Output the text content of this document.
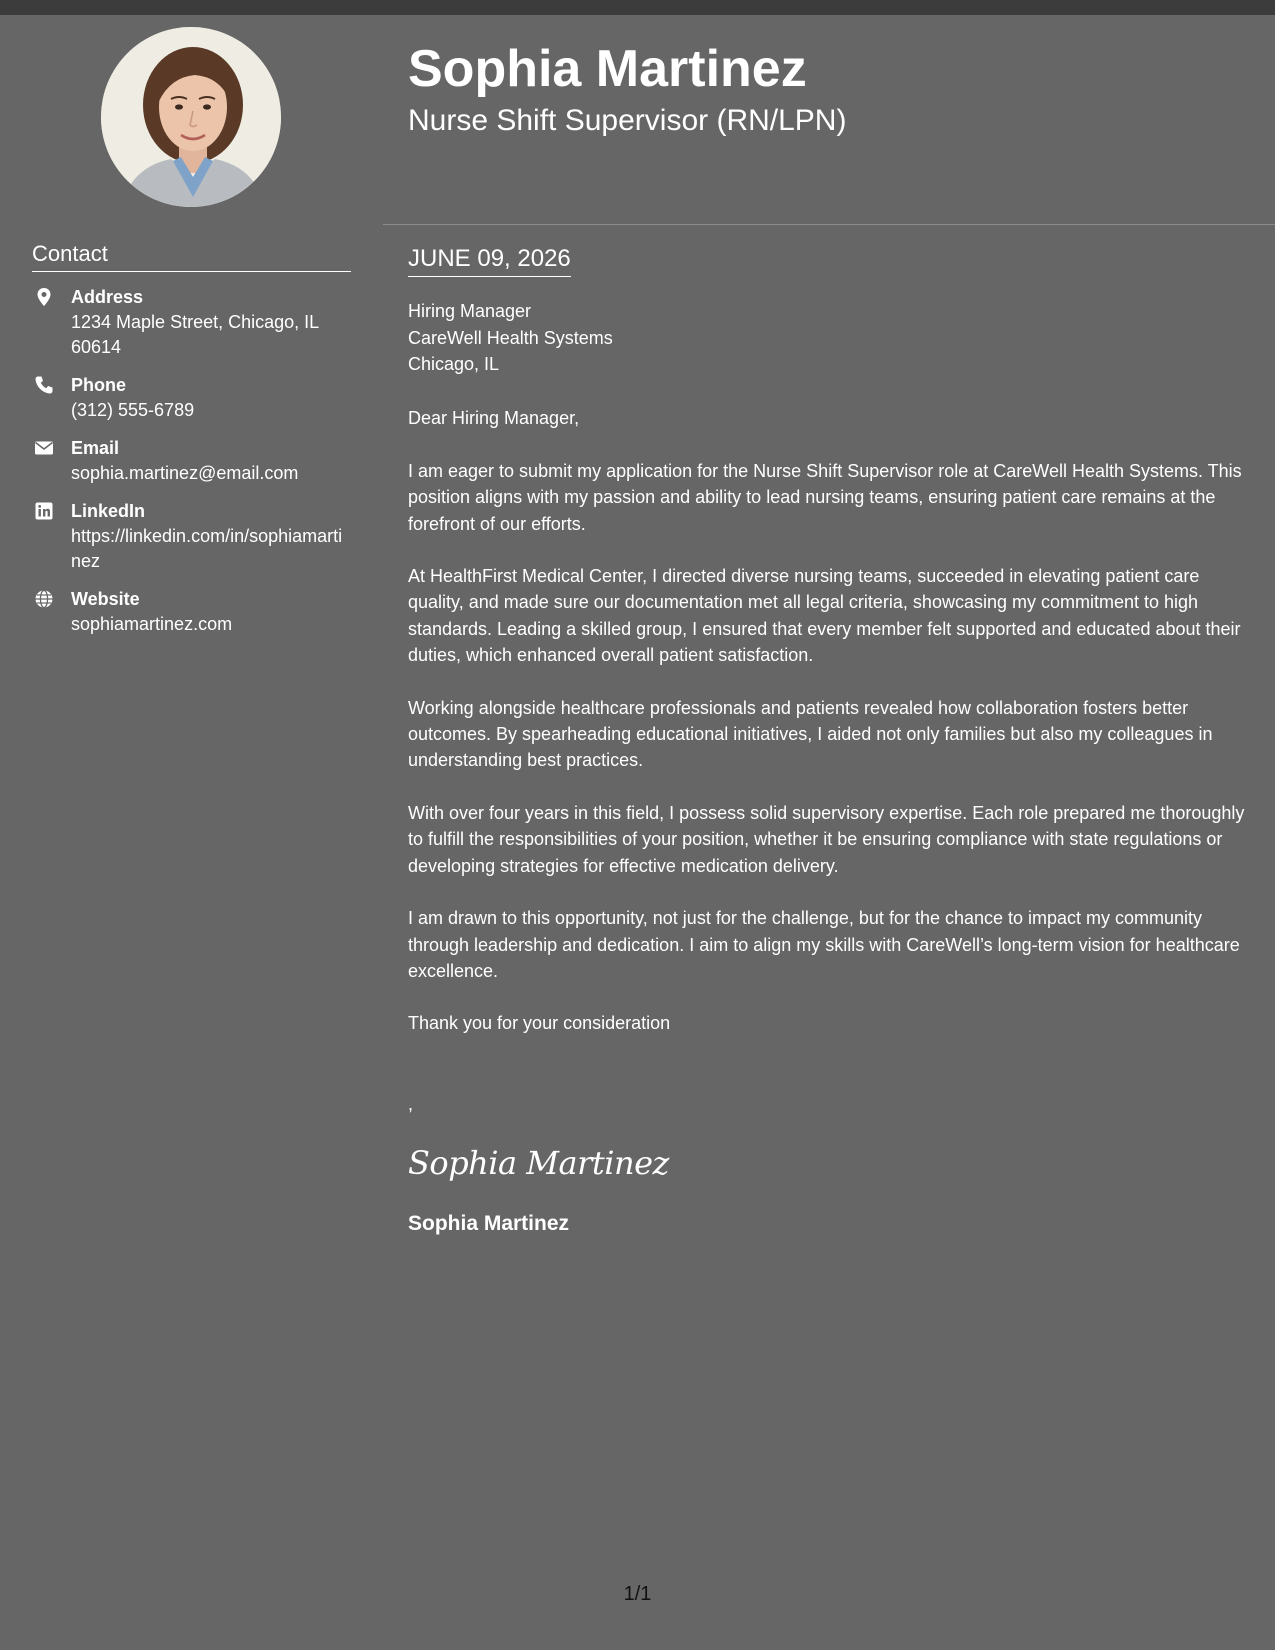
Contact
Address
1234 Maple Street, Chicago, IL 60614
Phone
(312) 555-6789
Email
sophia.martinez@email.com
LinkedIn
https://linkedin.com/in/sophiamartinez
Website
sophiamartinez.com
Sophia Martinez
Nurse Shift Supervisor (RN/LPN)
JUNE 09, 2026
Hiring Manager
CareWell Health Systems
Chicago, IL
Dear Hiring Manager,

I am eager to submit my application for the Nurse Shift Supervisor role at CareWell Health Systems. This position aligns with my passion and ability to lead nursing teams, ensuring patient care remains at the forefront of our efforts.

At HealthFirst Medical Center, I directed diverse nursing teams, succeeded in elevating patient care quality, and made sure our documentation met all legal criteria, showcasing my commitment to high standards. Leading a skilled group, I ensured that every member felt supported and educated about their duties, which enhanced overall patient satisfaction.

Working alongside healthcare professionals and patients revealed how collaboration fosters better outcomes. By spearheading educational initiatives, I aided not only families but also my colleagues in understanding best practices.

With over four years in this field, I possess solid supervisory expertise. Each role prepared me thoroughly to fulfill the responsibilities of your position, whether it be ensuring compliance with state regulations or developing strategies for effective medication delivery.

I am drawn to this opportunity, not just for the challenge, but for the chance to impact my community through leadership and dedication. I aim to align my skills with CareWell’s long-term vision for healthcare excellence.

Thank you for your consideration
,
Sophia Martinez
Sophia Martinez
1/1
